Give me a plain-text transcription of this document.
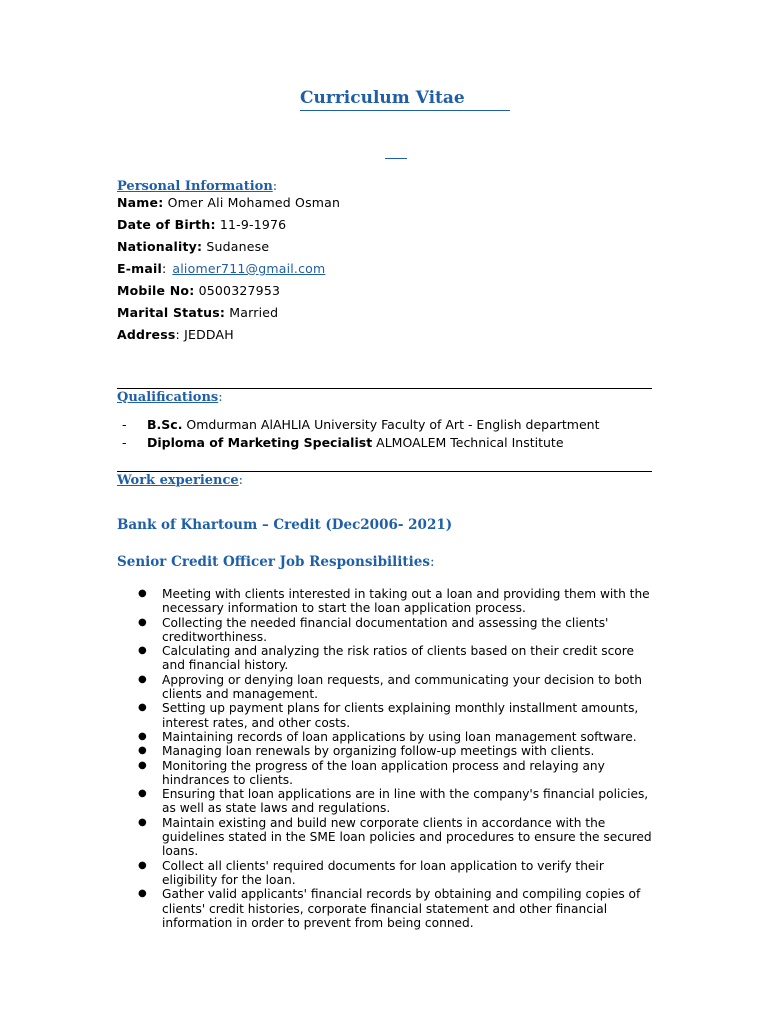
Curriculum Vitae
Personal Information:
Name: Omer Ali Mohamed Osman
Date of Birth: 11-9-1976
Nationality: Sudanese
E-mail: aliomer711@gmail.com
Mobile No: 0500327953
Marital Status: Married
Address: JEDDAH
Qualifications:
- B.Sc. Omdurman AlAHLIA University Faculty of Art - English department
- Diploma of Marketing Specialist ALMOALEM Technical Institute
Work experience:
Bank of Khartoum – Credit (Dec2006- 2021)
Senior Credit Officer Job Responsibilities:
● Meeting with clients interested in taking out a loan and providing them with the necessary information to start the loan application process.
● Collecting the needed financial documentation and assessing the clients' creditworthiness.
● Calculating and analyzing the risk ratios of clients based on their credit score and financial history.
● Approving or denying loan requests, and communicating your decision to both clients and management.
● Setting up payment plans for clients explaining monthly installment amounts, interest rates, and other costs.
● Maintaining records of loan applications by using loan management software.
● Managing loan renewals by organizing follow-up meetings with clients.
● Monitoring the progress of the loan application process and relaying any hindrances to clients.
● Ensuring that loan applications are in line with the company's financial policies, as well as state laws and regulations.
● Maintain existing and build new corporate clients in accordance with the guidelines stated in the SME loan policies and procedures to ensure the secured loans.
● Collect all clients' required documents for loan application to verify their eligibility for the loan.
● Gather valid applicants' financial records by obtaining and compiling copies of clients' credit histories, corporate financial statement and other financial information in order to prevent from being conned.
